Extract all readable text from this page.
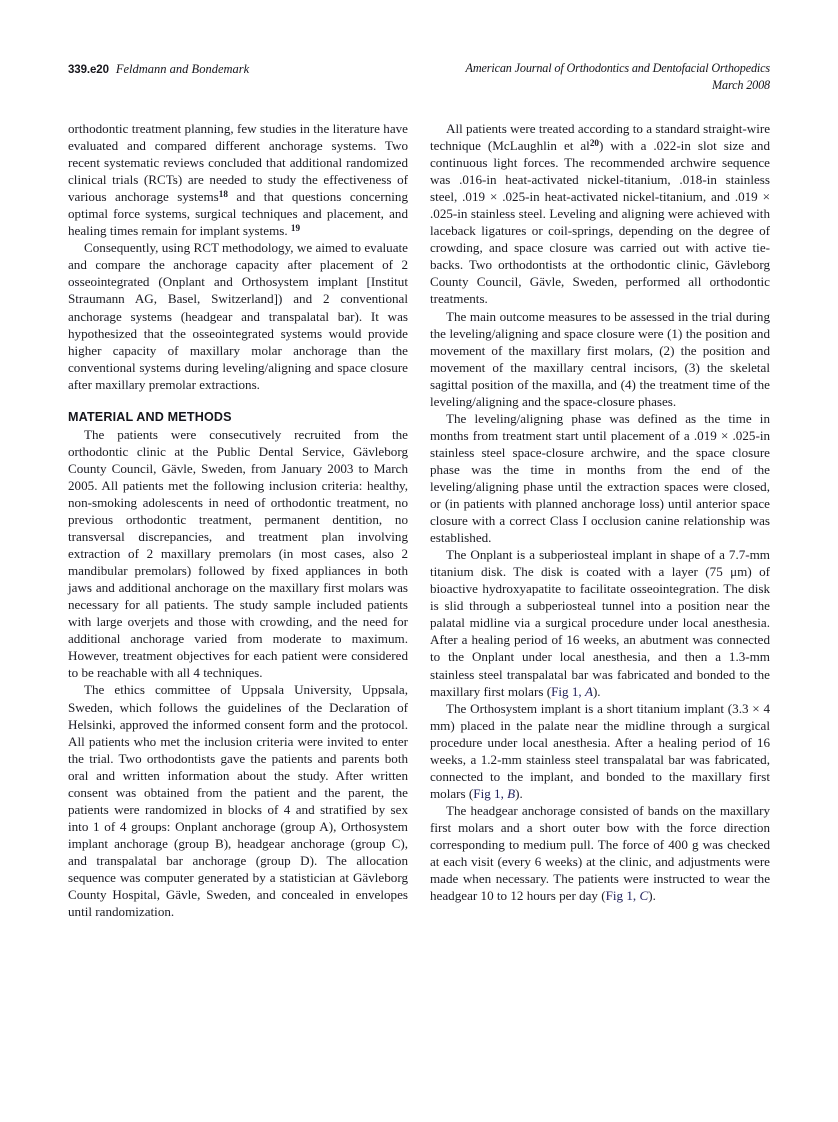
339.e20 Feldmann and Bondemark	American Journal of Orthodontics and Dentofacial Orthopedics
March 2008

orthodontic treatment planning, few studies in the literature have evaluated and compared different anchorage systems. Two recent systematic reviews concluded that additional randomized clinical trials (RCTs) are needed to study the effectiveness of various anchorage systems$^{18}$ and that questions concerning optimal force systems, surgical techniques and placement, and healing times remain for implant systems. $^{19}$

Consequently, using RCT methodology, we aimed to evaluate and compare the anchorage capacity after placement of 2 osseointegrated (Onplant and Orthosystem implant [Institut Straumann AG, Basel, Switzerland]) and 2 conventional anchorage systems (headgear and transpalatal bar). It was hypothesized that the osseointegrated systems would provide higher capacity of maxillary molar anchorage than the conventional systems during leveling/aligning and space closure after maxillary premolar extractions.

MATERIAL AND METHODS

The patients were consecutively recruited from the orthodontic clinic at the Public Dental Service, Gävleborg County Council, Gävle, Sweden, from January 2003 to March 2005. All patients met the following inclusion criteria: healthy, non-smoking adolescents in need of orthodontic treatment, no previous orthodontic treatment, permanent dentition, no transversal discrepancies, and treatment plan involving extraction of 2 maxillary premolars (in most cases, also 2 mandibular premolars) followed by fixed appliances in both jaws and additional anchorage on the maxillary first molars was necessary for all patients. The study sample included patients with large overjets and those with crowding, and the need for additional anchorage varied from moderate to maximum. However, treatment objectives for each patient were considered to be reachable with all 4 techniques.

The ethics committee of Uppsala University, Uppsala, Sweden, which follows the guidelines of the Declaration of Helsinki, approved the informed consent form and the protocol. All patients who met the inclusion criteria were invited to enter the trial. Two orthodontists gave the patients and parents both oral and written information about the study. After written consent was obtained from the patient and the parent, the patients were randomized in blocks of 4 and stratified by sex into 1 of 4 groups: Onplant anchorage (group A), Orthosystem implant anchorage (group B), headgear anchorage (group C), and transpalatal bar anchorage (group D). The allocation sequence was computer generated by a statistician at Gävleborg County Hospital, Gävle, Sweden, and concealed in envelopes until randomization.

All patients were treated according to a standard straight-wire technique (McLaughlin et al$^{20}$) with a .022-in slot size and continuous light forces. The recommended archwire sequence was .016-in heat-activated nickel-titanium, .018-in stainless steel, .019 × .025-in heat-activated nickel-titanium, and .019 × .025-in stainless steel. Leveling and aligning were achieved with laceback ligatures or coil-springs, depending on the degree of crowding, and space closure was carried out with active tie-backs. Two orthodontists at the orthodontic clinic, Gävleborg County Council, Gävle, Sweden, performed all orthodontic treatments.

The main outcome measures to be assessed in the trial during the leveling/aligning and space closure were (1) the position and movement of the maxillary first molars, (2) the position and movement of the maxillary central incisors, (3) the skeletal sagittal position of the maxilla, and (4) the treatment time of the leveling/aligning and the space-closure phases.

The leveling/aligning phase was defined as the time in months from treatment start until placement of a .019 × .025-in stainless steel space-closure archwire, and the space closure phase was the time in months from the end of the leveling/aligning phase until the extraction spaces were closed, or (in patients with planned anchorage loss) until anterior space closure with a correct Class I occlusion canine relationship was established.

The Onplant is a subperiosteal implant in shape of a 7.7-mm titanium disk. The disk is coated with a layer (75 μm) of bioactive hydroxyapatite to facilitate osseointegration. The disk is slid through a subperiosteal tunnel into a position near the palatal midline via a surgical procedure under local anesthesia. After a healing period of 16 weeks, an abutment was connected to the Onplant under local anesthesia, and then a 1.3-mm stainless steel transpalatal bar was fabricated and bonded to the maxillary first molars (Fig 1, A).

The Orthosystem implant is a short titanium implant (3.3 × 4 mm) placed in the palate near the midline through a surgical procedure under local anesthesia. After a healing period of 16 weeks, a 1.2-mm stainless steel transpalatal bar was fabricated, connected to the implant, and bonded to the maxillary first molars (Fig 1, B).

The headgear anchorage consisted of bands on the maxillary first molars and a short outer bow with the force direction corresponding to medium pull. The force of 400 g was checked at each visit (every 6 weeks) at the clinic, and adjustments were made when necessary. The patients were instructed to wear the headgear 10 to 12 hours per day (Fig 1, C).
